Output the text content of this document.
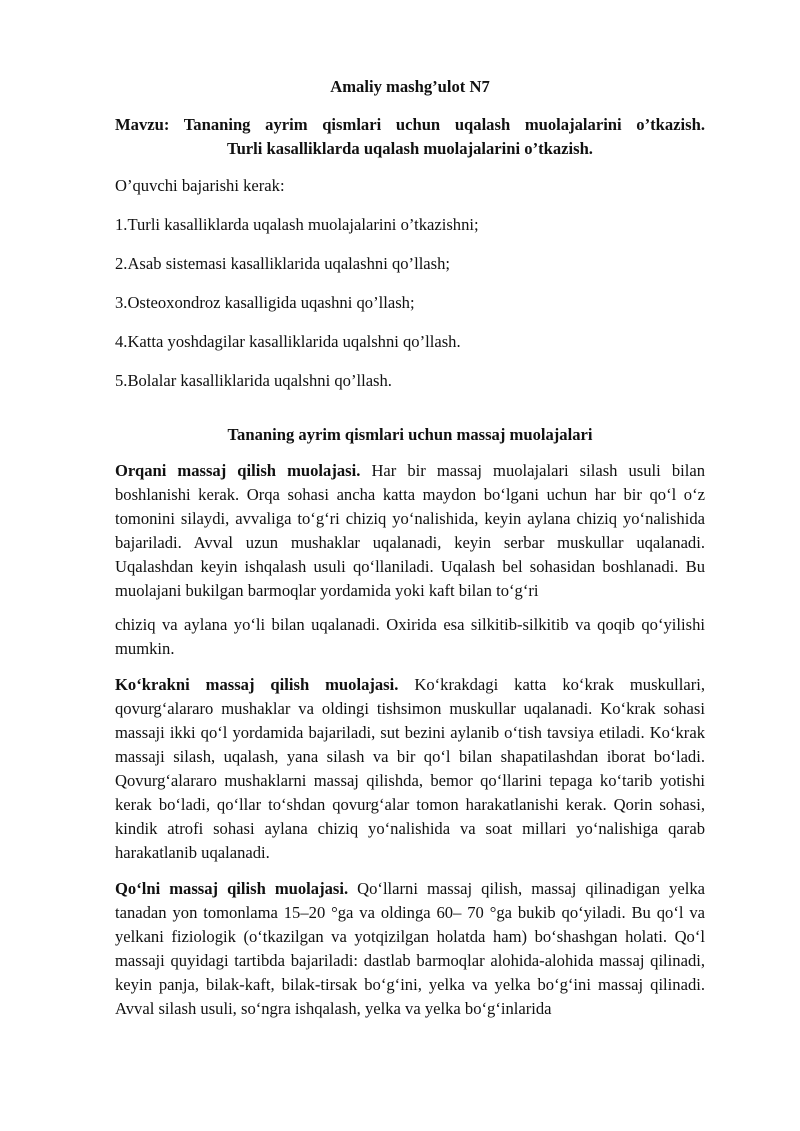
Amaliy mashg’ulot N7

Mavzu: Tananing ayrim qismlari uchun uqalash muolajalarini o’tkazish.
Turli kasalliklarda uqalash muolajalarini o’tkazish.

O’quvchi bajarishi kerak:

1.Turli kasalliklarda uqalash muolajalarini o’tkazishni;
2.Asab sistemasi kasalliklarida uqalashni qo’llash;
3.Osteoxondroz kasalligida uqashni qo’llash;
4.Katta yoshdagilar kasalliklarida uqalshni qo’llash.
5.Bolalar kasalliklarida uqalshni qo’llash.

Tananing ayrim qismlari uchun massaj muolajalari

Orqani massaj qilish muolajasi. Har bir massaj muolajalari silash usuli bilan boshlanishi kerak. Orqa sohasi ancha katta maydon bo‘lgani uchun har bir qo‘l o‘z tomonini silaydi, avvaliga to‘g‘ri chiziq yo‘nalishida, keyin aylana chiziq yo‘nalishida bajariladi. Avval uzun mushaklar uqalanadi, keyin serbar muskullar uqalanadi. Uqalashdan keyin ishqalash usuli qo‘llaniladi. Uqalash bel sohasidan boshlanadi. Bu muolajani bukilgan barmoqlar yordamida yoki kaft bilan to‘g‘ri

chiziq va aylana yo‘li bilan uqalanadi. Oxirida esa silkitib-silkitib va qoqib qo‘yilishi mumkin.

Ko‘krakni massaj qilish muolajasi. Ko‘krakdagi katta ko‘krak muskullari, qovurg‘alararo mushaklar va oldingi tishsimon muskullar uqalanadi. Ko‘krak sohasi massaji ikki qo‘l yordamida bajariladi, sut bezini aylanib o‘tish tavsiya etiladi. Ko‘krak massaji silash, uqalash, yana silash va bir qo‘l bilan shapatilashdan iborat bo‘ladi. Qovurg‘alararo mushaklarni massaj qilishda, bemor qo‘llarini tepaga ko‘tarib yotishi kerak bo‘ladi, qo‘llar to‘shdan qovurg‘alar tomon harakatlanishi kerak. Qorin sohasi, kindik atrofi sohasi aylana chiziq yo‘nalishida va soat millari yo‘nalishiga qarab harakatlanib uqalanadi.

Qo‘lni massaj qilish muolajasi. Qo‘llarni massaj qilish, massaj qilinadigan yelka tanadan yon tomonlama 15–20 °ga va oldinga 60– 70 °ga bukib qo‘yiladi. Bu qo‘l va yelkani fiziologik (o‘tkazilgan va yotqizilgan holatda ham) bo‘shashgan holati. Qo‘l massaji quyidagi tartibda bajariladi: dastlab barmoqlar alohida-alohida massaj qilinadi, keyin panja, bilak-kaft, bilak-tirsak bo‘g‘ini, yelka va yelka bo‘g‘ini massaj qilinadi. Avval silash usuli, so‘ngra ishqalash, yelka va yelka bo‘g‘inlarida
